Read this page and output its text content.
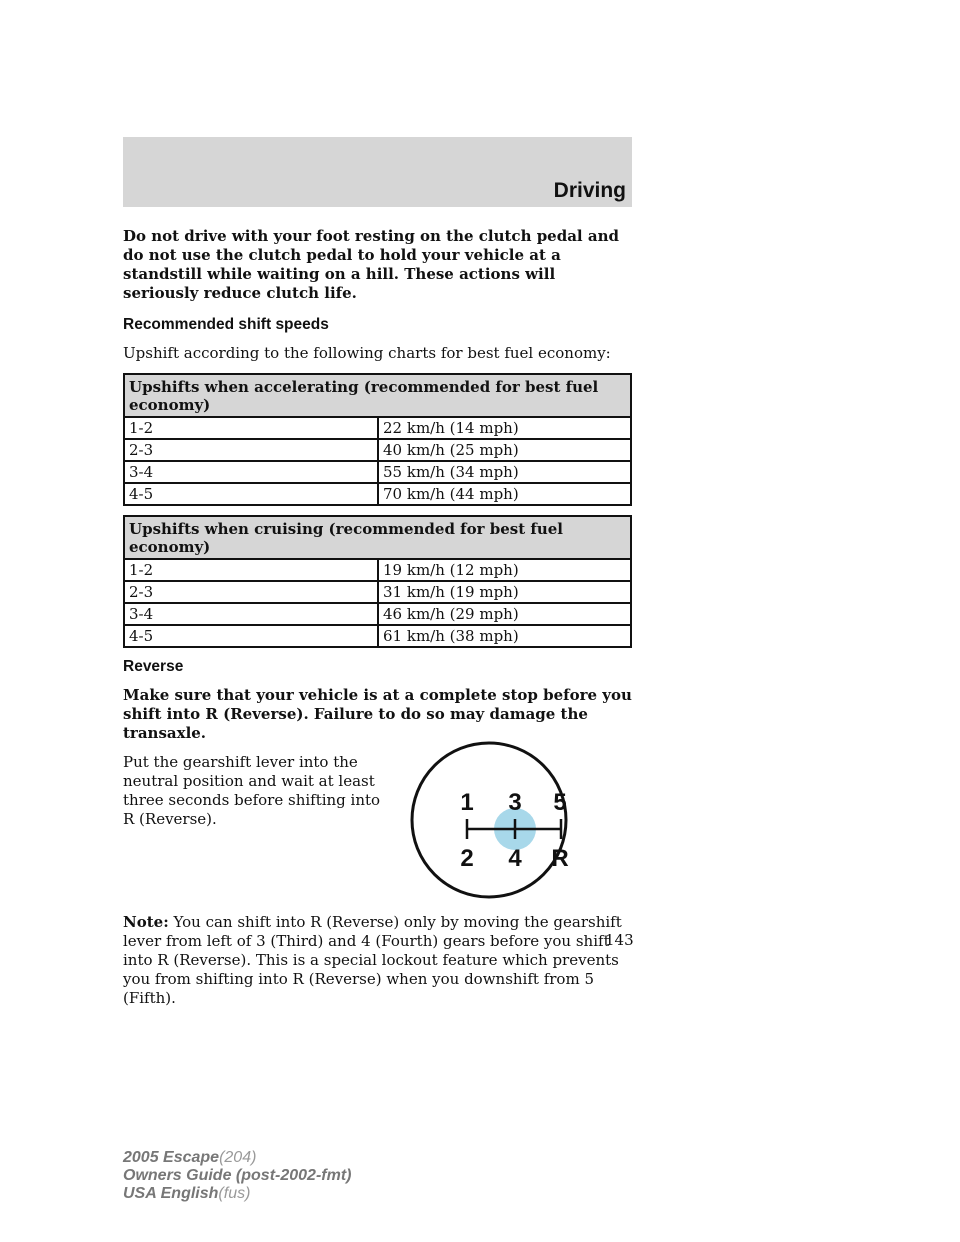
Driving

Do not drive with your foot resting on the clutch pedal and do not use the clutch pedal to hold your vehicle at a standstill while waiting on a hill. These actions will seriously reduce clutch life.

Recommended shift speeds

Upshift according to the following charts for best fuel economy:

Upshifts when accelerating (recommended for best fuel economy)	
1-2	22 km/h (14 mph)
2-3	40 km/h (25 mph)
3-4	55 km/h (34 mph)
4-5	70 km/h (44 mph)
Upshifts when cruising (recommended for best fuel economy)	
1-2	19 km/h (12 mph)
2-3	31 km/h (19 mph)
3-4	46 km/h (29 mph)
4-5	61 km/h (38 mph)
Reverse

Make sure that your vehicle is at a complete stop before you shift into R (Reverse). Failure to do so may damage the transaxle.

Put the gearshift lever into the neutral position and wait at least three seconds before shifting into R (Reverse).

1 3 5
2 4 R

Note: You can shift into R (Reverse) only by moving the gearshift lever from left of 3 (Third) and 4 (Fourth) gears before you shift into R (Reverse). This is a special lockout feature which prevents you from shifting into R (Reverse) when you downshift from 5 (Fifth).

143
2005 Escape(204)
Owners Guide (post-2002-fmt)
USA English(fus)
